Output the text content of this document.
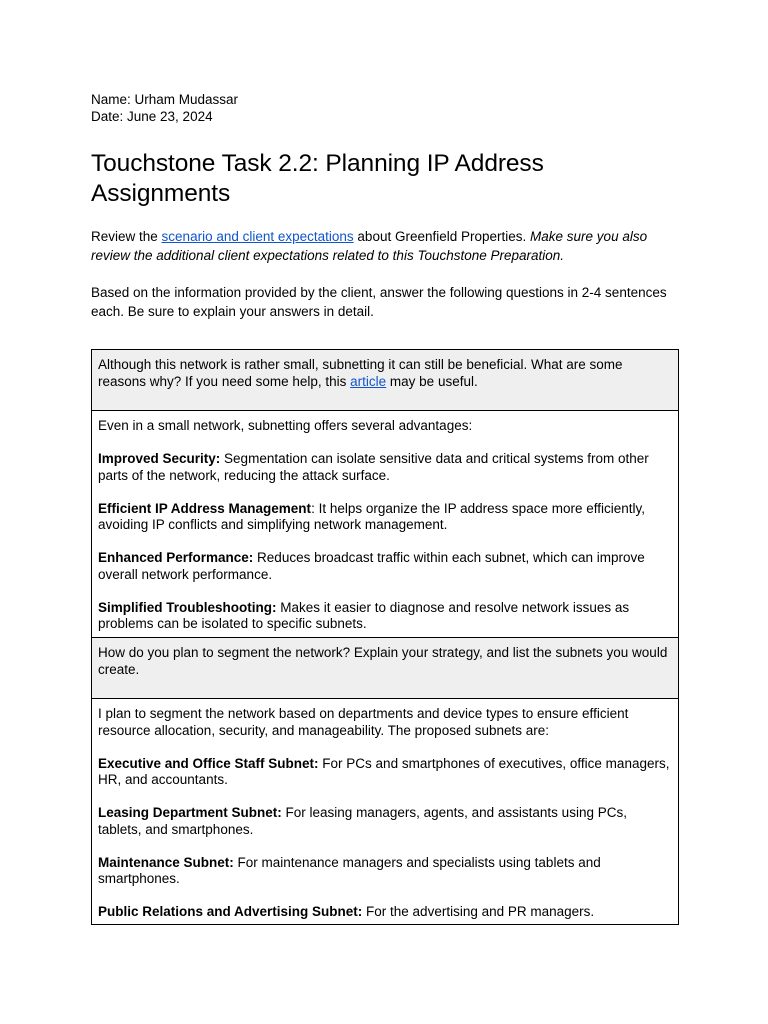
Name: Urham Mudassar

Date: June 23, 2024

Touchstone Task 2.2: Planning IP Address Assignments

Review the scenario and client expectations about Greenfield Properties. Make sure you also review the additional client expectations related to this Touchstone Preparation.

Based on the information provided by the client, answer the following questions in 2-4 sentences each. Be sure to explain your answers in detail.

Although this network is rather small, subnetting it can still be beneficial. What are some reasons why? If you need some help, this article may be useful.

Even in a small network, subnetting offers several advantages:

Improved Security: Segmentation can isolate sensitive data and critical systems from other parts of the network, reducing the attack surface.

Efficient IP Address Management: It helps organize the IP address space more efficiently, avoiding IP conflicts and simplifying network management.

Enhanced Performance: Reduces broadcast traffic within each subnet, which can improve overall network performance.

Simplified Troubleshooting: Makes it easier to diagnose and resolve network issues as problems can be isolated to specific subnets.

How do you plan to segment the network? Explain your strategy, and list the subnets you would create.

I plan to segment the network based on departments and device types to ensure efficient resource allocation, security, and manageability. The proposed subnets are:

Executive and Office Staff Subnet: For PCs and smartphones of executives, office managers, HR, and accountants.

Leasing Department Subnet: For leasing managers, agents, and assistants using PCs, tablets, and smartphones.

Maintenance Subnet: For maintenance managers and specialists using tablets and smartphones.

Public Relations and Advertising Subnet: For the advertising and PR managers.
